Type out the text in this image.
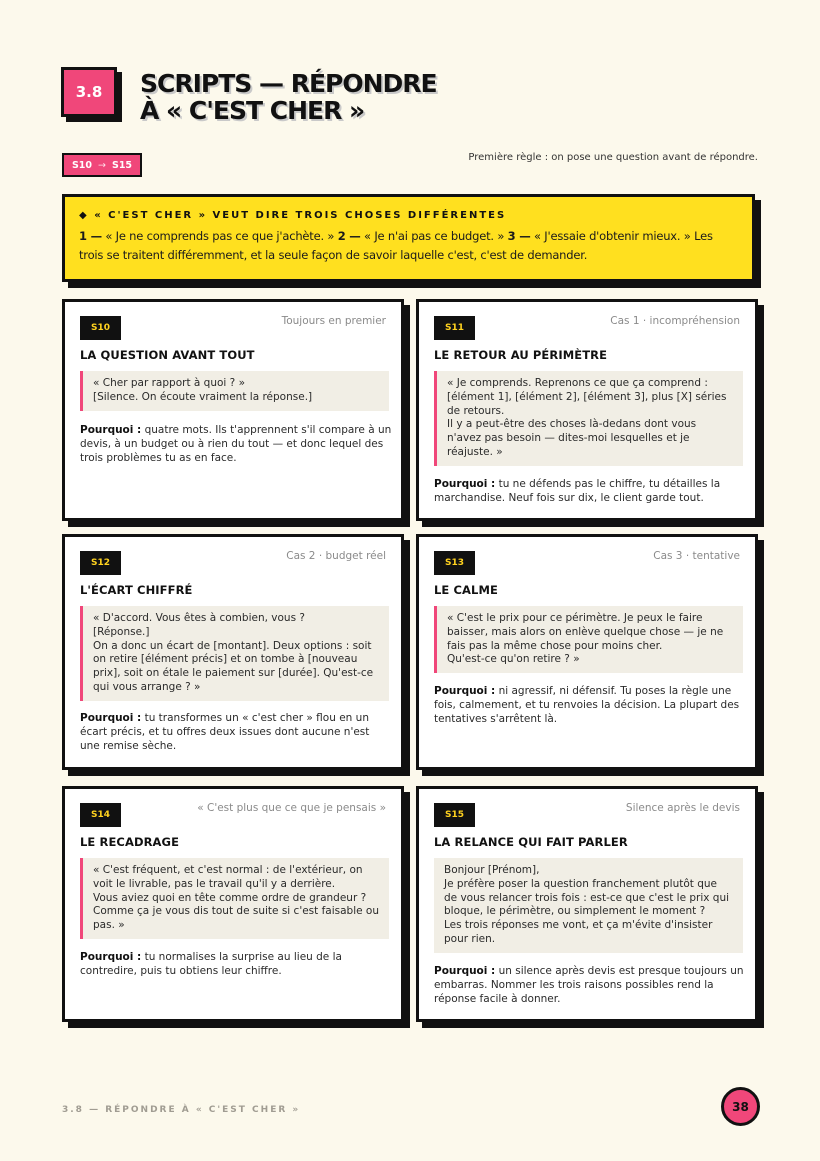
3.8	SCRIPTS — RÉPONDRE
À « C'EST CHER »
S10 → S15
Première règle : on pose une question avant de répondre.
◆ « C'EST CHER » VEUT DIRE TROIS CHOSES DIFFÉRENTES
1 — « Je ne comprends pas ce que j'achète. » 2 — « Je n'ai pas ce budget. » 3 — « J'essaie d'obtenir mieux. » Les trois se traitent différemment, et la seule façon de savoir laquelle c'est, c'est de demander.
S10
Toujours en premier
LA QUESTION AVANT TOUT
« Cher par rapport à quoi ? »
[Silence. On écoute vraiment la réponse.]
Pourquoi : quatre mots. Ils t'apprennent s'il compare à un devis, à un budget ou à rien du tout — et donc lequel des trois problèmes tu as en face.
S11
Cas 1 · incompréhension
LE RETOUR AU PÉRIMÈTRE
« Je comprends. Reprenons ce que ça comprend : [élément 1], [élément 2], [élément 3], plus [X] séries de retours.
Il y a peut-être des choses là-dedans dont vous n'avez pas besoin — dites-moi lesquelles et je réajuste. »
Pourquoi : tu ne défends pas le chiffre, tu détailles la marchandise. Neuf fois sur dix, le client garde tout.
S12
Cas 2 · budget réel
L'ÉCART CHIFFRÉ
« D'accord. Vous êtes à combien, vous ?
[Réponse.]
On a donc un écart de [montant]. Deux options : soit on retire [élément précis] et on tombe à [nouveau prix], soit on étale le paiement sur [durée]. Qu'est-ce qui vous arrange ? »
Pourquoi : tu transformes un « c'est cher » flou en un écart précis, et tu offres deux issues dont aucune n'est une remise sèche.
S13
Cas 3 · tentative
LE CALME
« C'est le prix pour ce périmètre. Je peux le faire baisser, mais alors on enlève quelque chose — je ne fais pas la même chose pour moins cher.
Qu'est-ce qu'on retire ? »
Pourquoi : ni agressif, ni défensif. Tu poses la règle une fois, calmement, et tu renvoies la décision. La plupart des tentatives s'arrêtent là.
S14
« C'est plus que ce que je pensais »
LE RECADRAGE
« C'est fréquent, et c'est normal : de l'extérieur, on voit le livrable, pas le travail qu'il y a derrière.
Vous aviez quoi en tête comme ordre de grandeur ? Comme ça je vous dis tout de suite si c'est faisable ou pas. »
Pourquoi : tu normalises la surprise au lieu de la contredire, puis tu obtiens leur chiffre.
S15
Silence après le devis
LA RELANCE QUI FAIT PARLER
Bonjour [Prénom],
Je préfère poser la question franchement plutôt que de vous relancer trois fois : est-ce que c'est le prix qui bloque, le périmètre, ou simplement le moment ?
Les trois réponses me vont, et ça m'évite d'insister pour rien.
Pourquoi : un silence après devis est presque toujours un embarras. Nommer les trois raisons possibles rend la réponse facile à donner.
3.8 — RÉPONDRE À « C'EST CHER »	38
